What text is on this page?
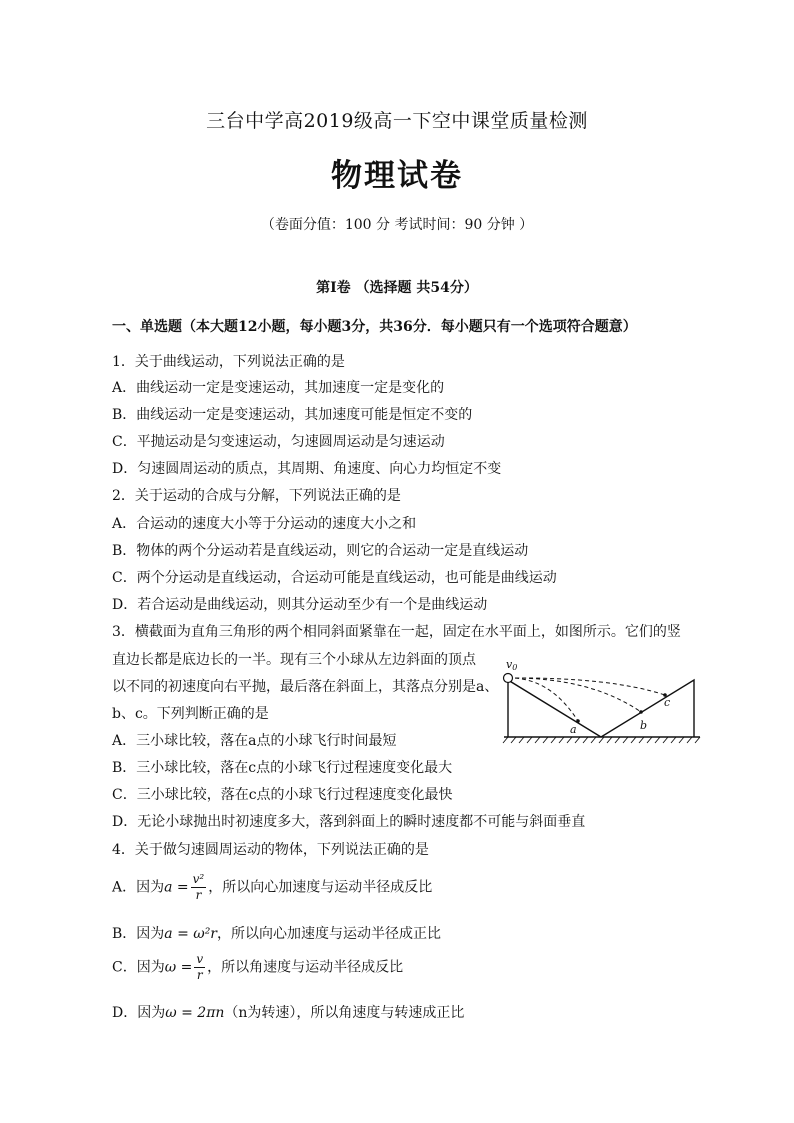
三台中学高2019级高一下空中课堂质量检测
物理试卷
（卷面分值：100 分 考试时间：90 分钟 ）
第Ⅰ卷 （选择题 共54分）
一、单选题（本大题12小题，每小题3分，共36分．每小题只有一个选项符合题意）
1．关于曲线运动，下列说法正确的是
A．曲线运动一定是变速运动，其加速度一定是变化的
B．曲线运动一定是变速运动，其加速度可能是恒定不变的
C．平抛运动是匀变速运动，匀速圆周运动是匀速运动
D．匀速圆周运动的质点，其周期、角速度、向心力均恒定不变
2．关于运动的合成与分解，下列说法正确的是
A．合运动的速度大小等于分运动的速度大小之和
B．物体的两个分运动若是直线运动，则它的合运动一定是直线运动
C．两个分运动是直线运动，合运动可能是直线运动，也可能是曲线运动
D．若合运动是曲线运动，则其分运动至少有一个是曲线运动
3．横截面为直角三角形的两个相同斜面紧靠在一起，固定在水平面上，如图所示。它们的竖
直边长都是底边长的一半。现有三个小球从左边斜面的顶点
以不同的初速度向右平抛，最后落在斜面上，其落点分别是a、
b、c。下列判断正确的是
A．三小球比较，落在a点的小球飞行时间最短
B．三小球比较，落在c点的小球飞行过程速度变化最大
C．三小球比较，落在c点的小球飞行过程速度变化最快
D．无论小球抛出时初速度多大，落到斜面上的瞬时速度都不可能与斜面垂直
v0
a	b
c
4．关于做匀速圆周运动的物体，下列说法正确的是
A．因为$a = \frac{\text{v²}}{r}$ ，所以向心加速度与运动半径成反比
B．因为a = ω²r，所以向心加速度与运动半径成正比
C．因为$\omega = \frac{v}{r}$ ，所以角速度与运动半径成反比
D．因为ω = 2πn（n为转速），所以角速度与转速成正比
